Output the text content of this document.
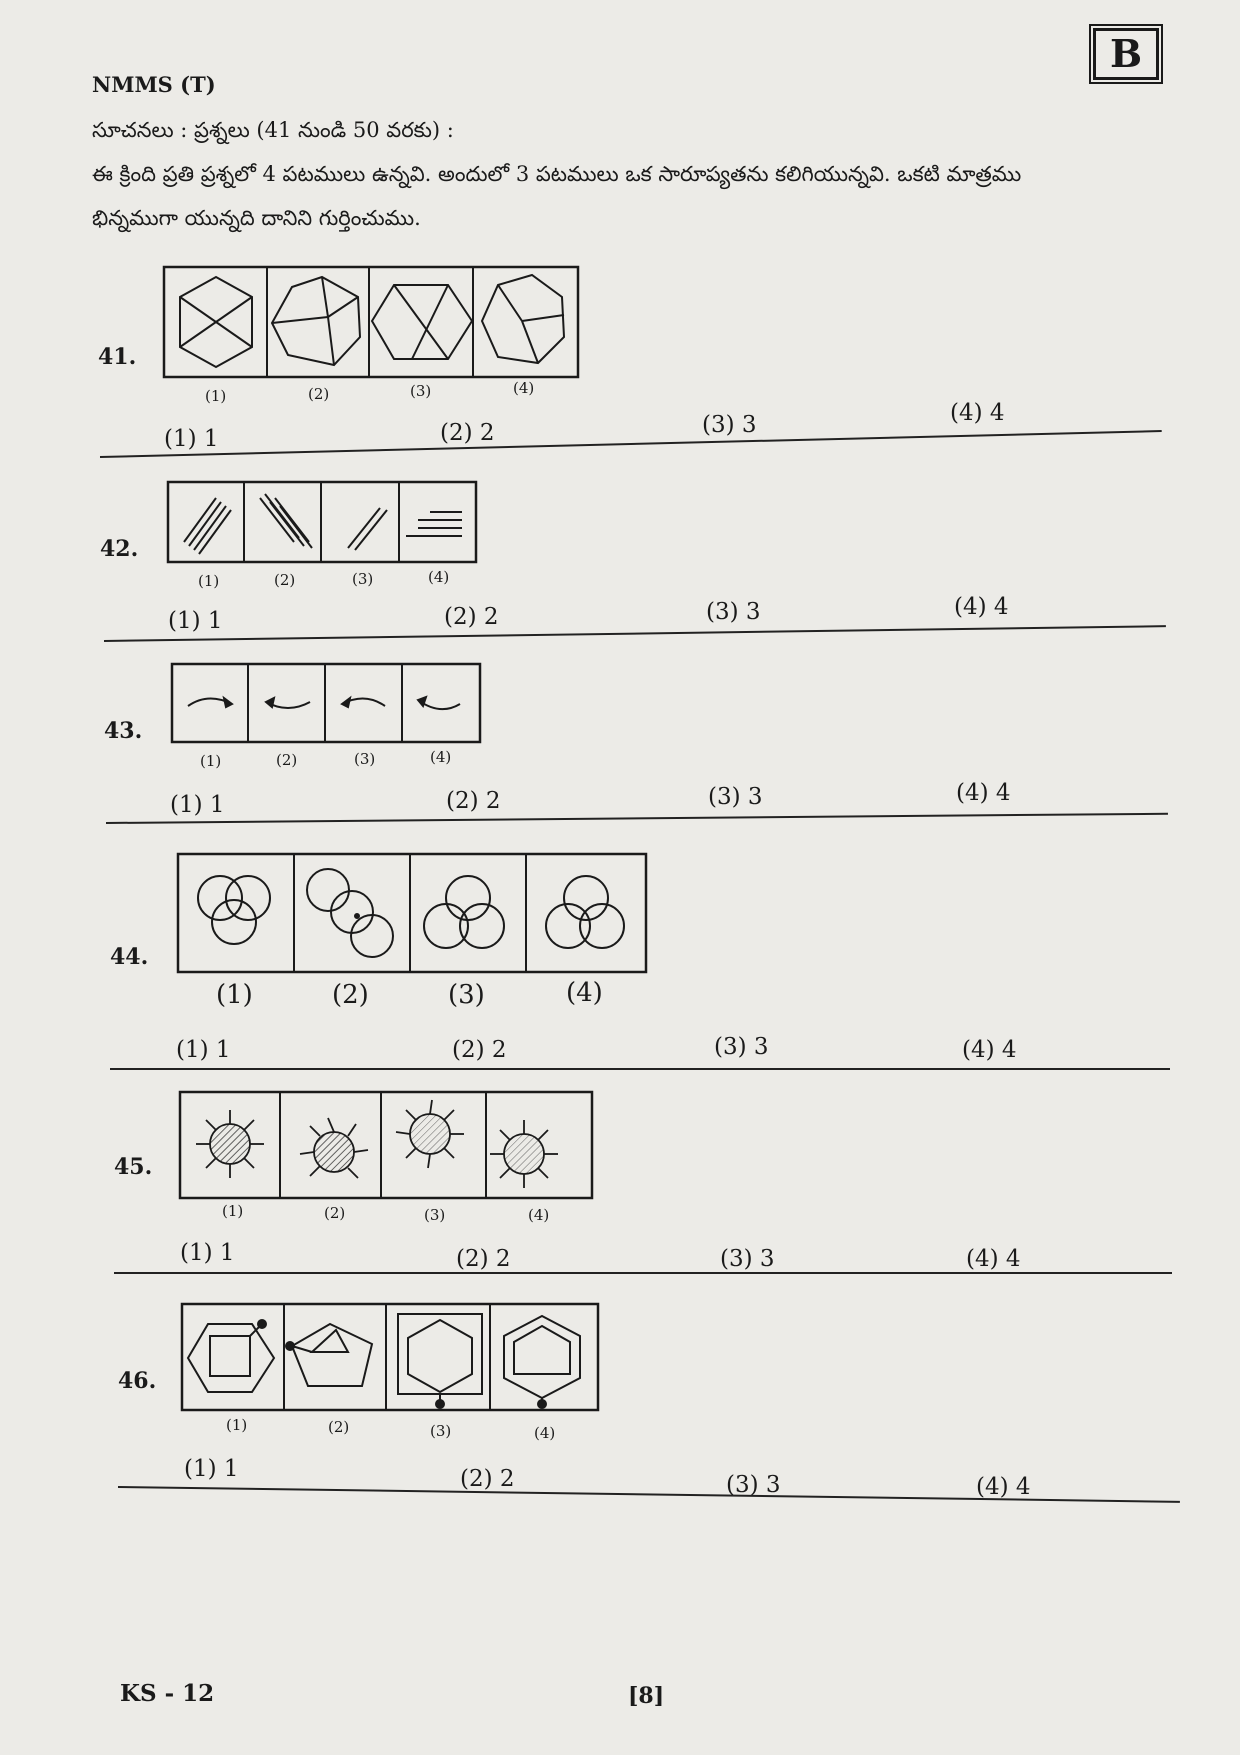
B
NMMS (T)
సూచనలు : ప్రశ్నలు (41 నుండి 50 వరకు) :
ఈ క్రింది ప్రతి ప్రశ్నలో 4 పటములు ఉన్నవి. అందులో 3 పటములు ఒక సారూప్యతను కలిగియున్నవి. ఒకటి మాత్రము
భిన్నముగా యున్నది దానిని గుర్తించుము.
41.
(1)	(2)	(3)	(4)
(1) 1	(2) 2	(3) 3	(4) 4
42.
(1)	(2)	(3)	(4)
(1) 1	(2) 2	(3) 3	(4) 4
43.
(1)	(2)	(3)	(4)
(1) 1	(2) 2	(3) 3	(4) 4
44.
(1)	(2)	(3)	(4)
(1) 1	(2) 2	(3) 3	(4) 4
45.
(1)	(2)	(3)	(4)
(1) 1	(2) 2	(3) 3	(4) 4
46.
(1)	(2)	(3)	(4)
(1) 1	(2) 2	(3) 3	(4) 4
KS - 12	[8]
